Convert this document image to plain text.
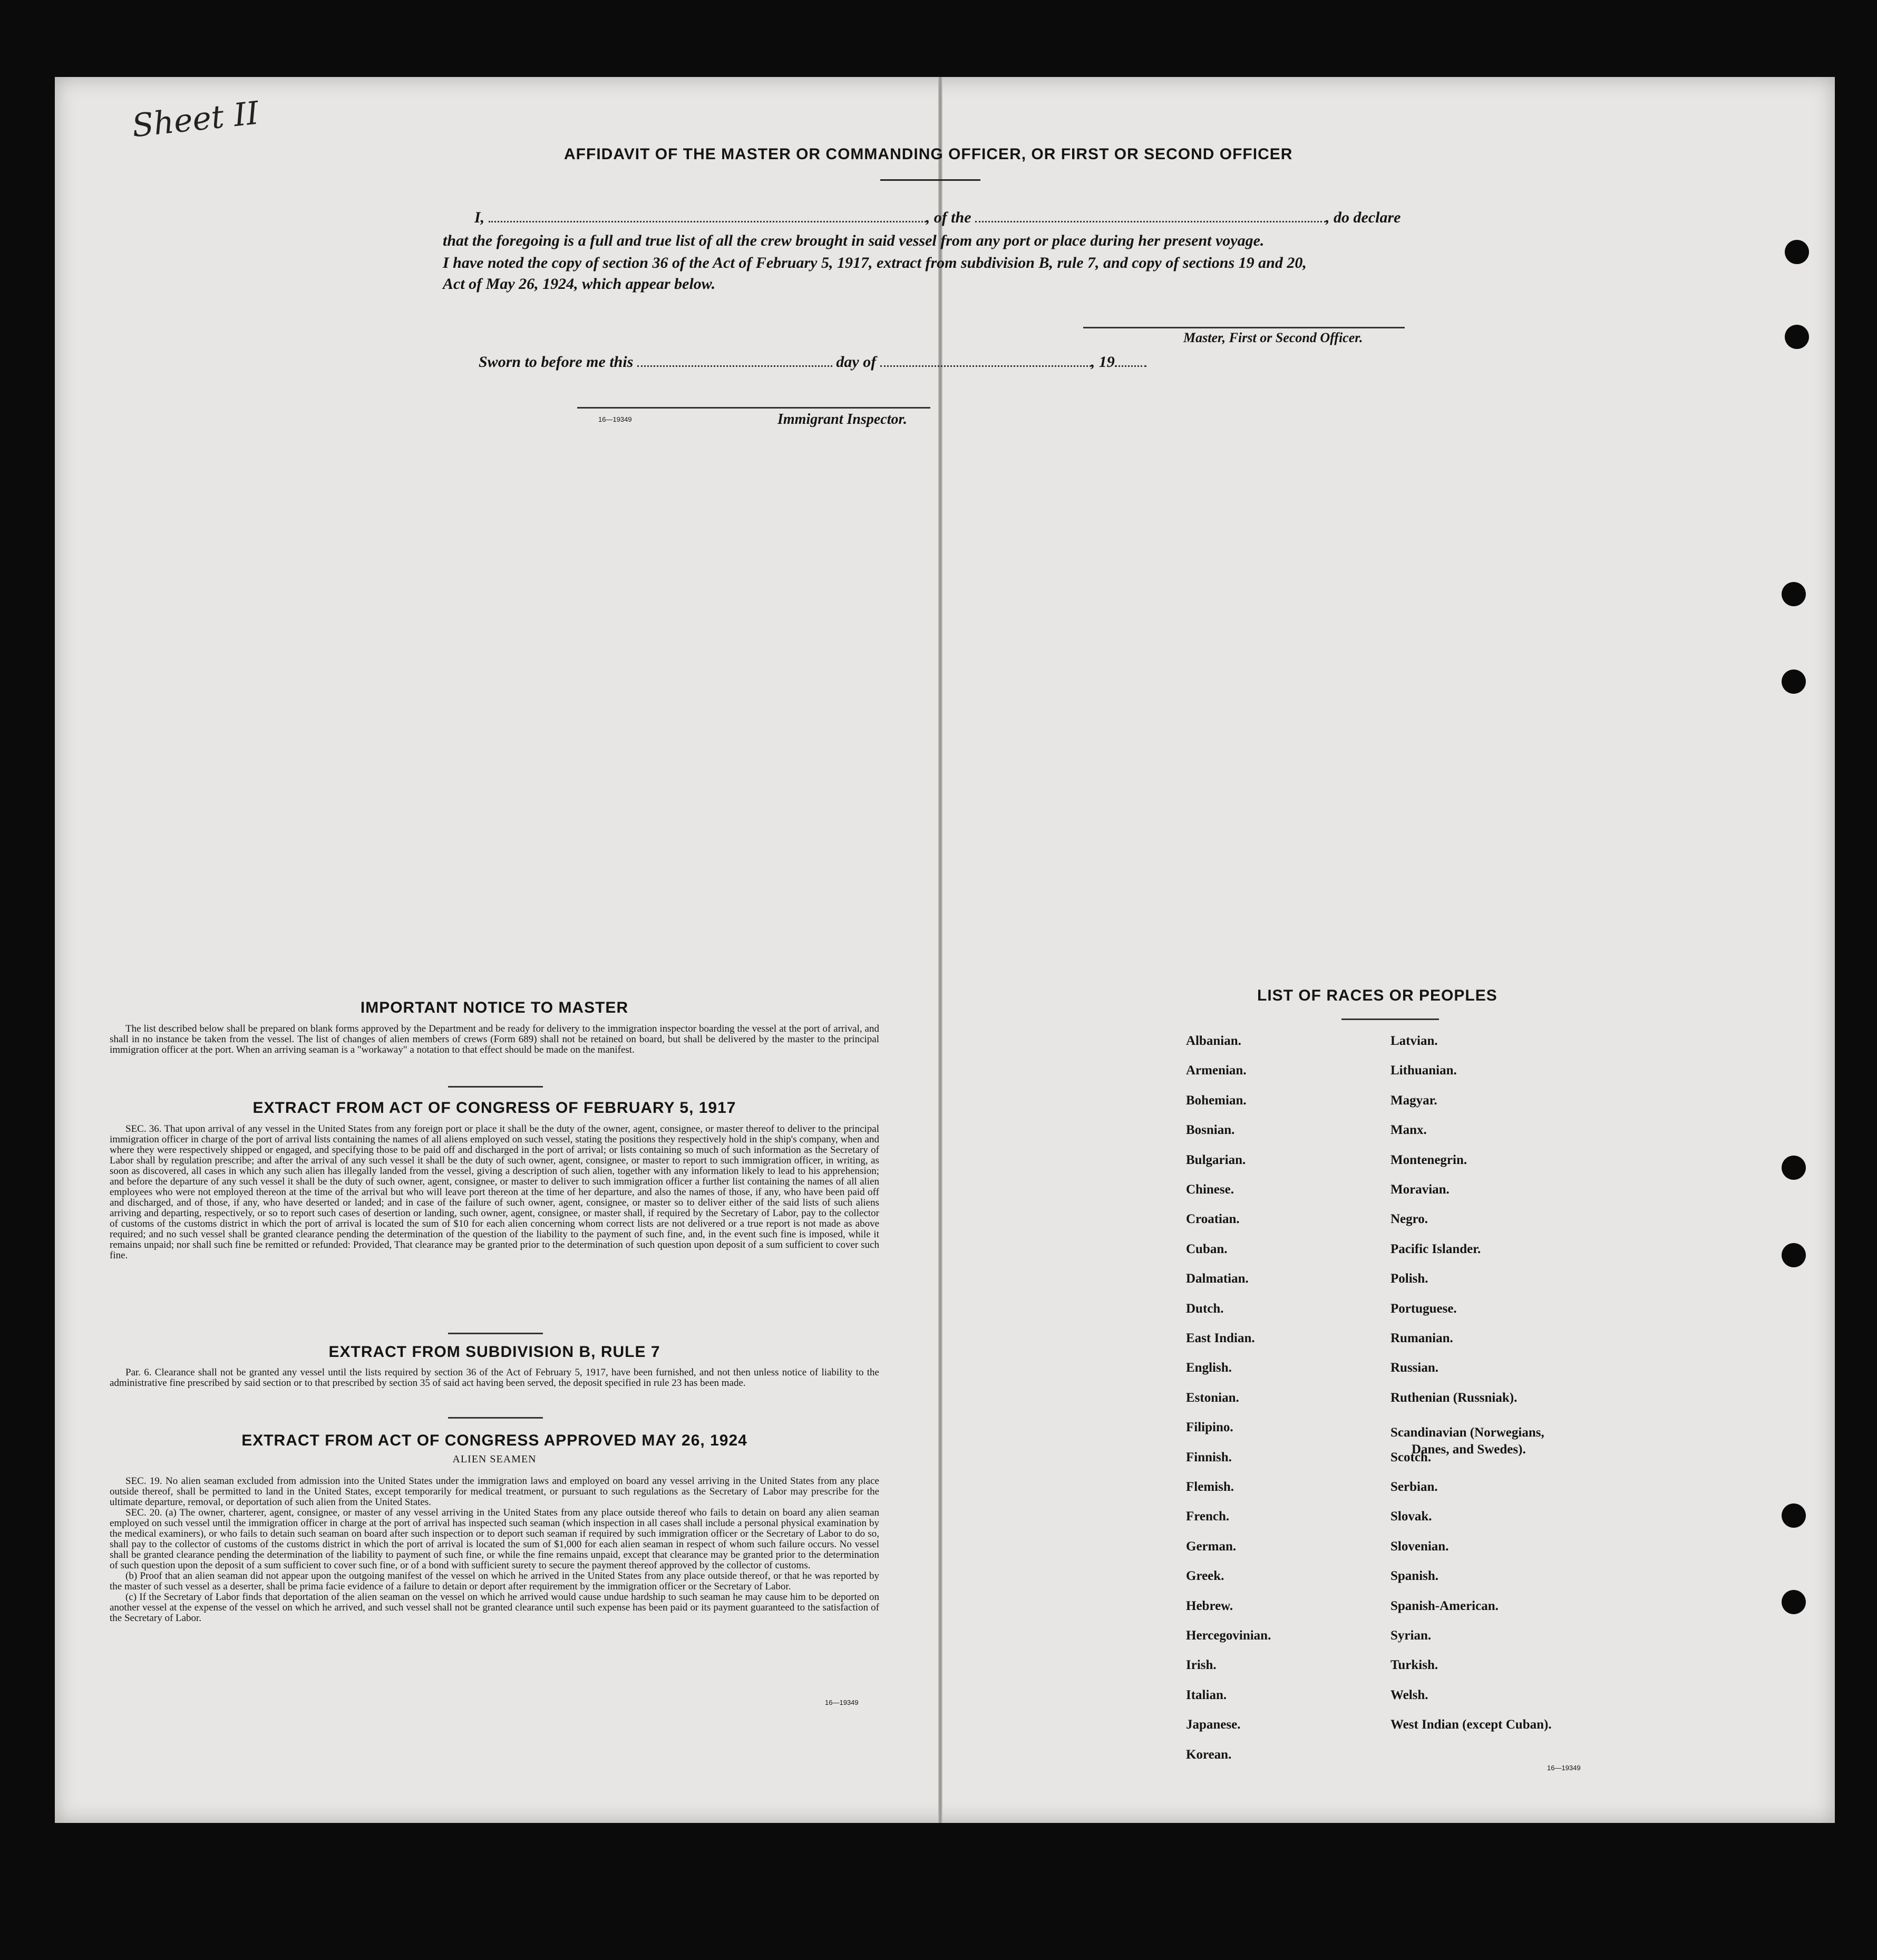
Sheet II
AFFIDAVIT OF THE MASTER OR COMMANDING OFFICER, OR FIRST OR SECOND OFFICER
I,	, of the	, do declare
that the foregoing is a full and true list of all the crew brought in said vessel from any port or place during her present voyage.
I have noted the copy of section 36 of the Act of February 5, 1917, extract from subdivision B, rule 7, and copy of sections 19 and 20,
Act of May 26, 1924, which appear below.
Master, First or Second Officer.
Sworn to before me this	day of	, 19
16—19349	Immigrant Inspector.
IMPORTANT NOTICE TO MASTER

The list described below shall be prepared on blank forms approved by the Department and be ready for delivery to the immigration inspector boarding the vessel at the port of arrival, and shall in no instance be taken from the vessel. The list of changes of alien members of crews (Form 689) shall not be retained on board, but shall be delivered by the master to the principal immigration officer at the port. When an arriving seaman is a "workaway" a notation to that effect should be made on the manifest.

EXTRACT FROM ACT OF CONGRESS OF FEBRUARY 5, 1917

SEC. 36. That upon arrival of any vessel in the United States from any foreign port or place it shall be the duty of the owner, agent, consignee, or master thereof to deliver to the principal immigration officer in charge of the port of arrival lists containing the names of all aliens employed on such vessel, stating the positions they respectively hold in the ship's company, when and where they were respectively shipped or engaged, and specifying those to be paid off and discharged in the port of arrival; or lists containing so much of such information as the Secretary of Labor shall by regulation prescribe; and after the arrival of any such vessel it shall be the duty of such owner, agent, consignee, or master to report to such immigration officer, in writing, as soon as discovered, all cases in which any such alien has illegally landed from the vessel, giving a description of such alien, together with any information likely to lead to his apprehension; and before the departure of any such vessel it shall be the duty of such owner, agent, consignee, or master to deliver to such immigration officer a further list containing the names of all alien employees who were not employed thereon at the time of the arrival but who will leave port thereon at the time of her departure, and also the names of those, if any, who have been paid off and discharged, and of those, if any, who have deserted or landed; and in case of the failure of such owner, agent, consignee, or master so to deliver either of the said lists of such aliens arriving and departing, respectively, or so to report such cases of desertion or landing, such owner, agent, consignee, or master shall, if required by the Secretary of Labor, pay to the collector of customs of the customs district in which the port of arrival is located the sum of $10 for each alien concerning whom correct lists are not delivered or a true report is not made as above required; and no such vessel shall be granted clearance pending the determination of the question of the liability to the payment of such fine, and, in the event such fine is imposed, while it remains unpaid; nor shall such fine be remitted or refunded: Provided, That clearance may be granted prior to the determination of such question upon deposit of a sum sufficient to cover such fine.

EXTRACT FROM SUBDIVISION B, RULE 7

Par. 6. Clearance shall not be granted any vessel until the lists required by section 36 of the Act of February 5, 1917, have been furnished, and not then unless notice of liability to the administrative fine prescribed by said section or to that prescribed by section 35 of said act having been served, the deposit specified in rule 23 has been made.

EXTRACT FROM ACT OF CONGRESS APPROVED MAY 26, 1924
ALIEN SEAMEN

SEC. 19. No alien seaman excluded from admission into the United States under the immigration laws and employed on board any vessel arriving in the United States from any place outside thereof, shall be permitted to land in the United States, except temporarily for medical treatment, or pursuant to such regulations as the Secretary of Labor may prescribe for the ultimate departure, removal, or deportation of such alien from the United States.

SEC. 20. (a) The owner, charterer, agent, consignee, or master of any vessel arriving in the United States from any place outside thereof who fails to detain on board any alien seaman employed on such vessel until the immigration officer in charge at the port of arrival has inspected such seaman (which inspection in all cases shall include a personal physical examination by the medical examiners), or who fails to detain such seaman on board after such inspection or to deport such seaman if required by such immigration officer or the Secretary of Labor to do so, shall pay to the collector of customs of the customs district in which the port of arrival is located the sum of $1,000 for each alien seaman in respect of whom such failure occurs. No vessel shall be granted clearance pending the determination of the liability to payment of such fine, or while the fine remains unpaid, except that clearance may be granted prior to the determination of such question upon the deposit of a sum sufficient to cover such fine, or of a bond with sufficient surety to secure the payment thereof approved by the collector of customs.

(b) Proof that an alien seaman did not appear upon the outgoing manifest of the vessel on which he arrived in the United States from any place outside thereof, or that he was reported by the master of such vessel as a deserter, shall be prima facie evidence of a failure to detain or deport after requirement by the immigration officer or the Secretary of Labor.

(c) If the Secretary of Labor finds that deportation of the alien seaman on the vessel on which he arrived would cause undue hardship to such seaman he may cause him to be deported on another vessel at the expense of the vessel on which he arrived, and such vessel shall not be granted clearance until such expense has been paid or its payment guaranteed to the satisfaction of the Secretary of Labor.

16—19349
LIST OF RACES OR PEOPLES
Albanian.
Armenian.
Bohemian.
Bosnian.
Bulgarian.
Chinese.
Croatian.
Cuban.
Dalmatian.
Dutch.
East Indian.
English.
Estonian.
Filipino.
Finnish.
Flemish.
French.
German.
Greek.
Hebrew.
Hercegovinian.
Irish.
Italian.
Japanese.
Korean.
Latvian.
Lithuanian.
Magyar.
Manx.
Montenegrin.
Moravian.
Negro.
Pacific Islander.
Polish.
Portuguese.
Rumanian.
Russian.
Ruthenian (Russniak).
Scandinavian (Norwegians,
Danes, and Swedes).
Scotch.
Serbian.
Slovak.
Slovenian.
Spanish.
Spanish-American.
Syrian.
Turkish.
Welsh.
West Indian (except Cuban).
16—19349
